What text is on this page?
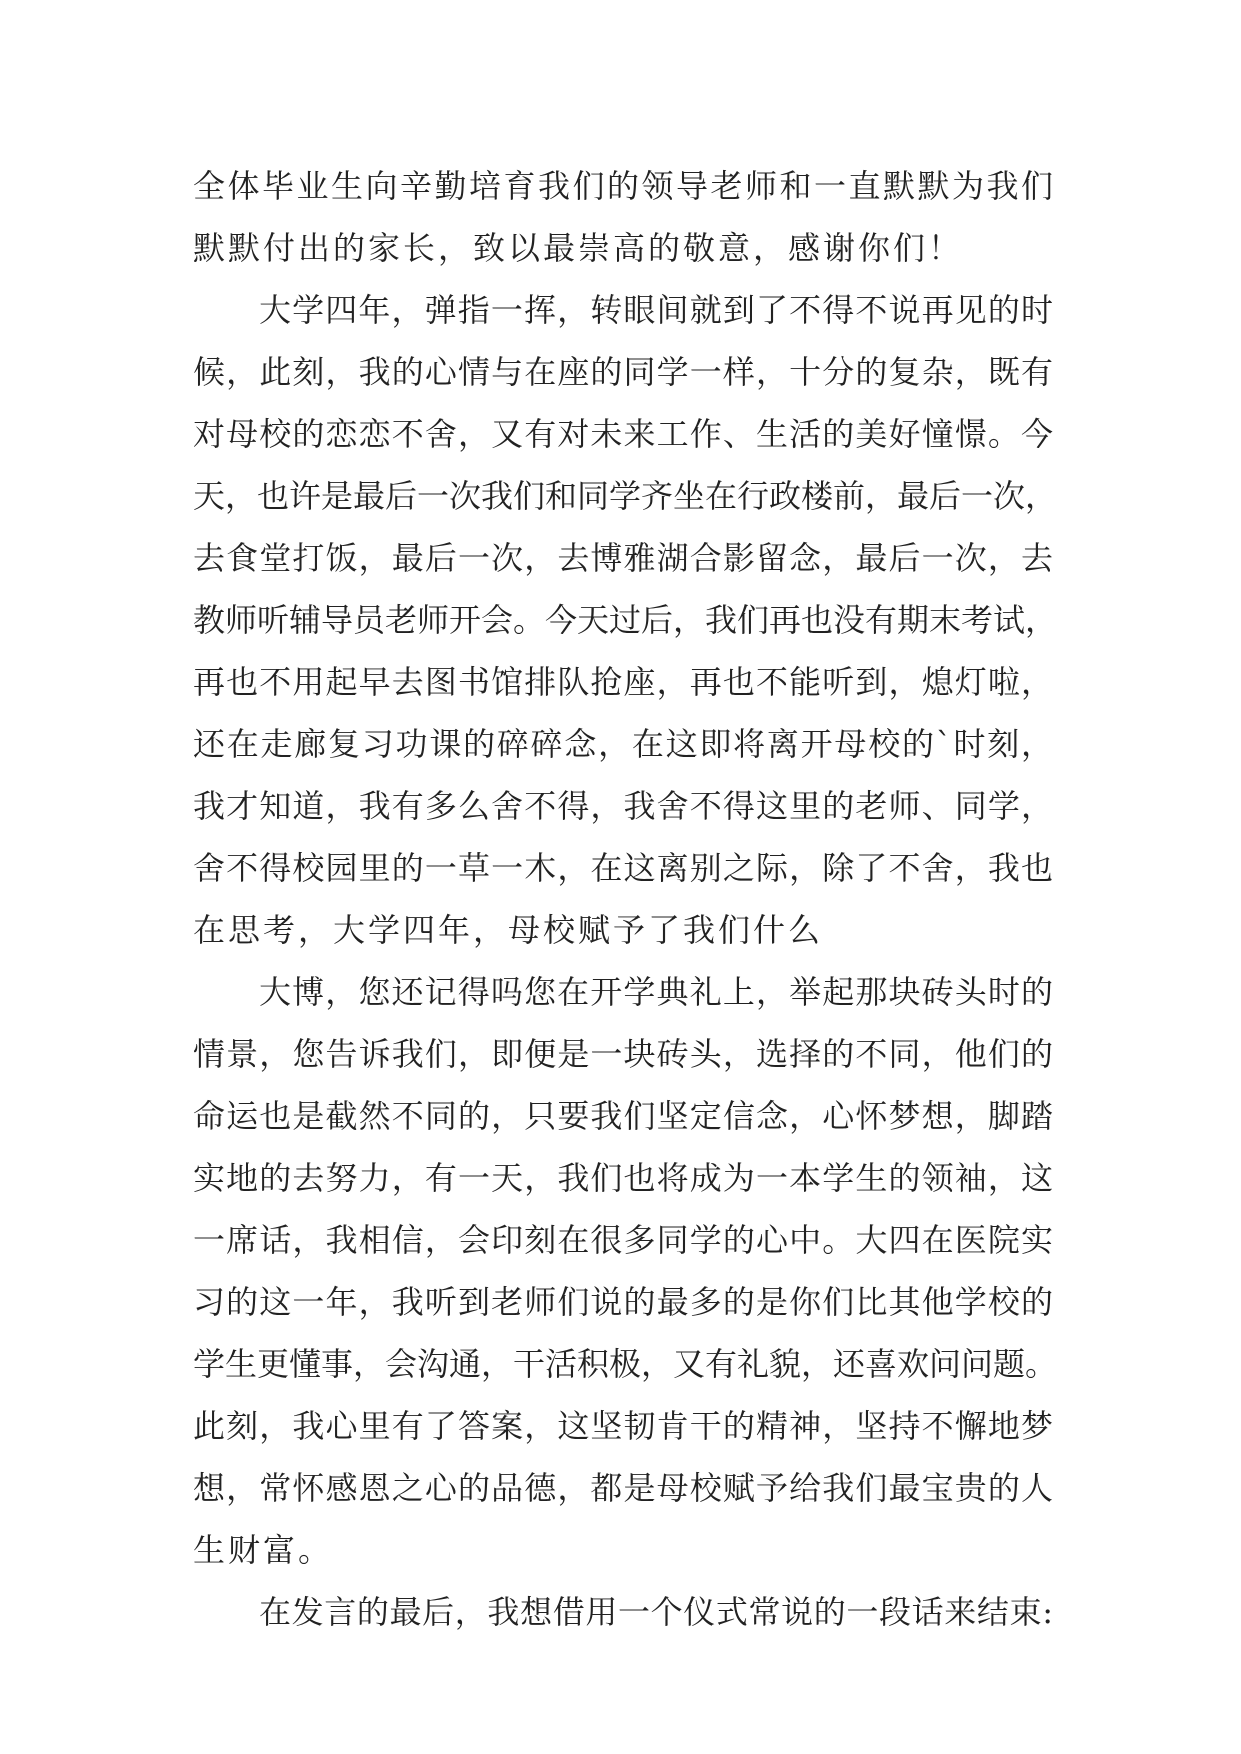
全体毕业生向辛勤培育我们的领导老师和一直默默为我们
默默付出的家长，致以最崇高的敬意，感谢你们！
大学四年，弹指一挥，转眼间就到了不得不说再见的时
候，此刻，我的心情与在座的同学一样，十分的复杂，既有
对母校的恋恋不舍，又有对未来工作、生活的美好憧憬。今
天，也许是最后一次我们和同学齐坐在行政楼前，最后一次，
去食堂打饭，最后一次，去博雅湖合影留念，最后一次，去
教师听辅导员老师开会。今天过后，我们再也没有期末考试，
再也不用起早去图书馆排队抢座，再也不能听到，熄灯啦，
还在走廊复习功课的碎碎念，在这即将离开母校的`时刻，
我才知道，我有多么舍不得，我舍不得这里的老师、同学，
舍不得校园里的一草一木，在这离别之际，除了不舍，我也
在思考，大学四年，母校赋予了我们什么
大博，您还记得吗您在开学典礼上，举起那块砖头时的
情景，您告诉我们，即便是一块砖头，选择的不同，他们的
命运也是截然不同的，只要我们坚定信念，心怀梦想，脚踏
实地的去努力，有一天，我们也将成为一本学生的领袖，这
一席话，我相信，会印刻在很多同学的心中。大四在医院实
习的这一年，我听到老师们说的最多的是你们比其他学校的
学生更懂事，会沟通，干活积极，又有礼貌，还喜欢问问题。
此刻，我心里有了答案，这坚韧肯干的精神，坚持不懈地梦
想，常怀感恩之心的品德，都是母校赋予给我们最宝贵的人
生财富。
在发言的最后，我想借用一个仪式常说的一段话来结束:
